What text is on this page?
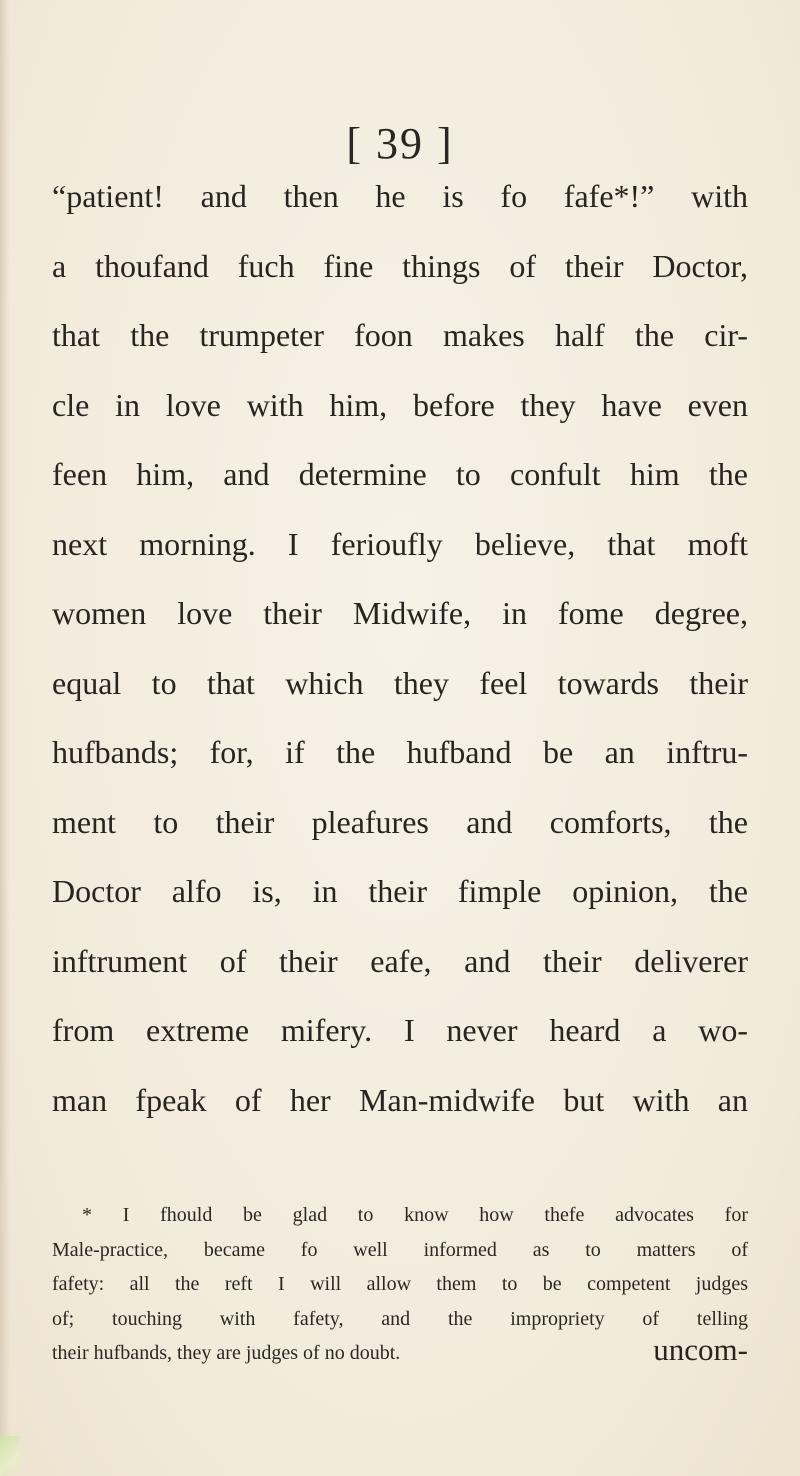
[ 39 ]
“patient! and then he is fo fafe*!” with
a thoufand fuch fine things of their Doctor,
that the trumpeter foon makes half the cir-
cle in love with him, before they have even
feen him, and determine to confult him the
next morning. I ferioufly believe, that moft
women love their Midwife, in fome degree,
equal to that which they feel towards their
hufbands; for, if the hufband be an inftru-
ment to their pleafures and comforts, the
Doctor alfo is, in their fimple opinion, the
inftrument of their eafe, and their deliverer
from extreme mifery. I never heard a wo-
man fpeak of her Man-midwife but with an
* I fhould be glad to know how thefe advocates for
Male-practice, became fo well informed as to matters of
fafety: all the reft I will allow them to be competent judges
of; touching with fafety, and the impropriety of telling
their hufbands, they are judges of no doubt.	uncom-
